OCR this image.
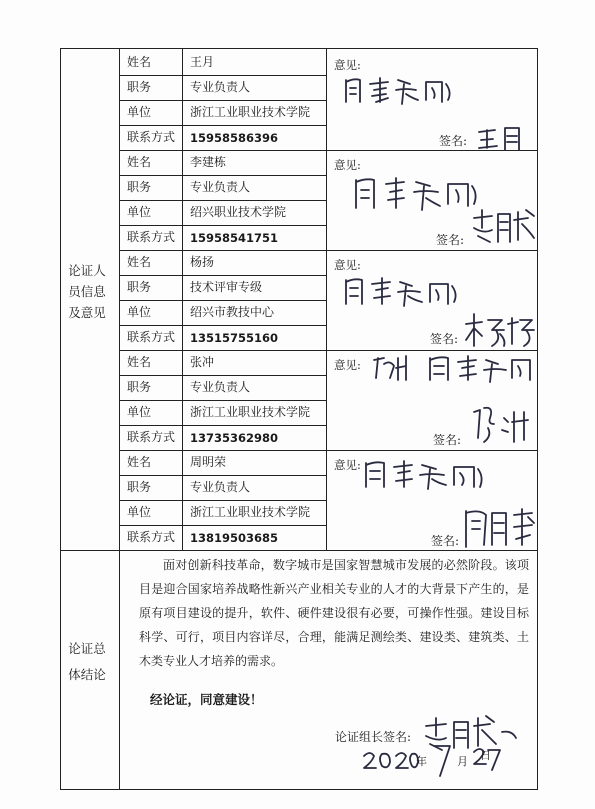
论证人
员信息
及意见
论证总
体结论
姓名	王月
职务	专业负责人
单位	浙江工业职业技术学院
联系方式 15958586396
意见:
签名:
姓名	李建栋
职务	专业负责人
单位	绍兴职业技术学院
联系方式 15958541751
意见:
签名:
姓名	杨扬
职务	技术评审专级
单位	绍兴市教技中心
联系方式 13515755160
意见:
签名:
姓名	张冲
职务	专业负责人
单位	浙江工业职业技术学院
联系方式 13735362980
意见:
签名:
姓名	周明荣
职务	专业负责人
单位	浙江工业职业技术学院
联系方式 13819503685
意见:
签名:

面对创新科技革命，数字城市是国家智慧城市发展的必然阶段。该项目是迎合国家培养战略性新兴产业相关专业的人才的大背景下产生的，是原有项目建设的提升，软件、硬件建设很有必要，可操作性强。建设目标科学、可行，项目内容详尽，合理，能满足测绘类、建设类、建筑类、土木类专业人才培养的需求。

经论证，同意建设！
论证组长签名:
年	月 日
